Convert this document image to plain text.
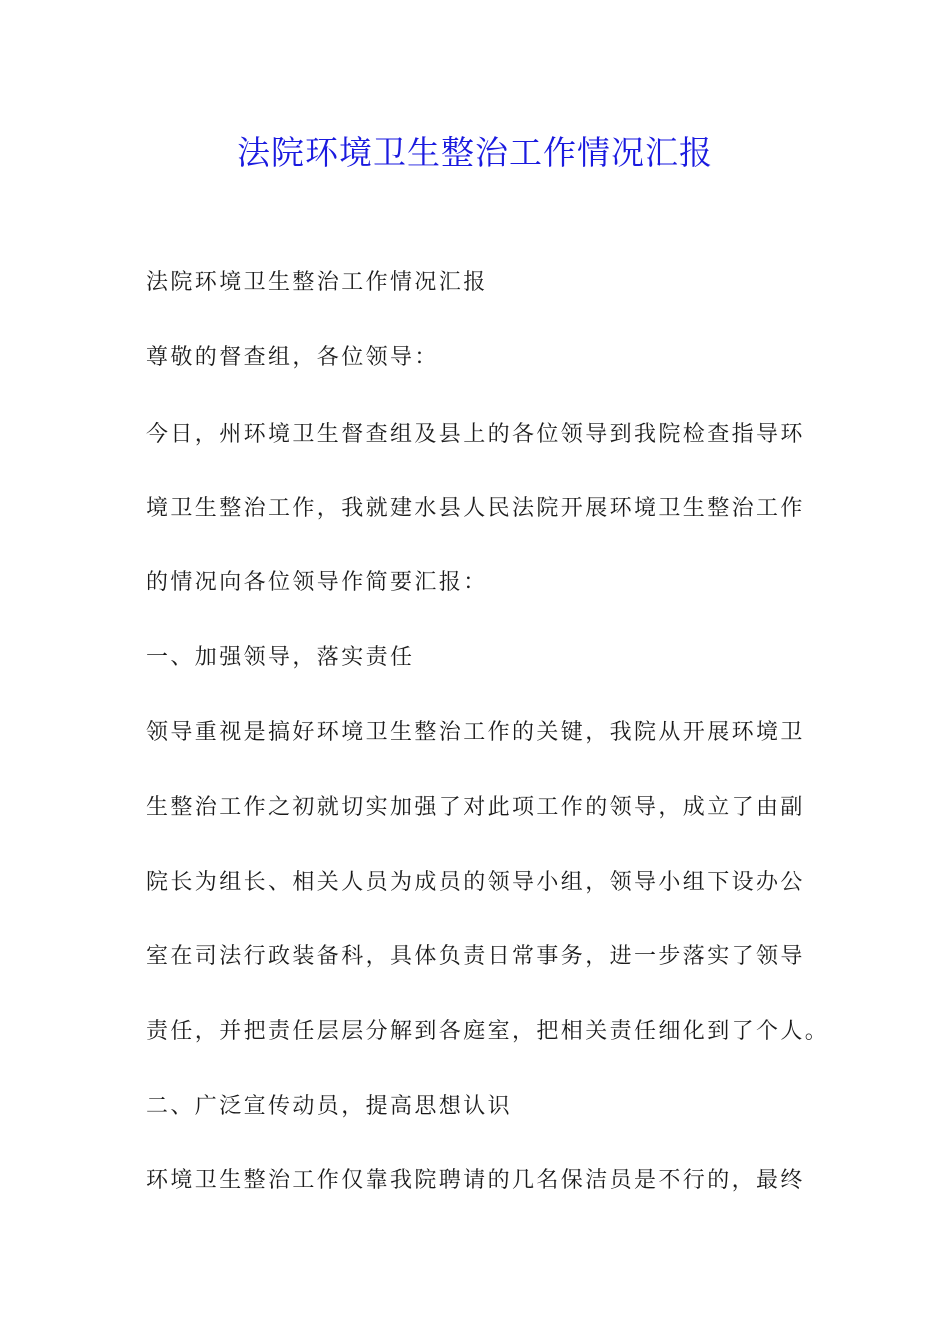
法院环境卫生整治工作情况汇报

法院环境卫生整治工作情况汇报

尊敬的督查组，各位领导：

今日，州环境卫生督查组及县上的各位领导到我院检查指导环

境卫生整治工作，我就建水县人民法院开展环境卫生整治工作

的情况向各位领导作简要汇报：

一、加强领导，落实责任

领导重视是搞好环境卫生整治工作的关键，我院从开展环境卫

生整治工作之初就切实加强了对此项工作的领导，成立了由副

院长为组长、相关人员为成员的领导小组，领导小组下设办公

室在司法行政装备科，具体负责日常事务，进一步落实了领导

责任，并把责任层层分解到各庭室，把相关责任细化到了个人。

二、广泛宣传动员，提高思想认识

环境卫生整治工作仅靠我院聘请的几名保洁员是不行的，最终
